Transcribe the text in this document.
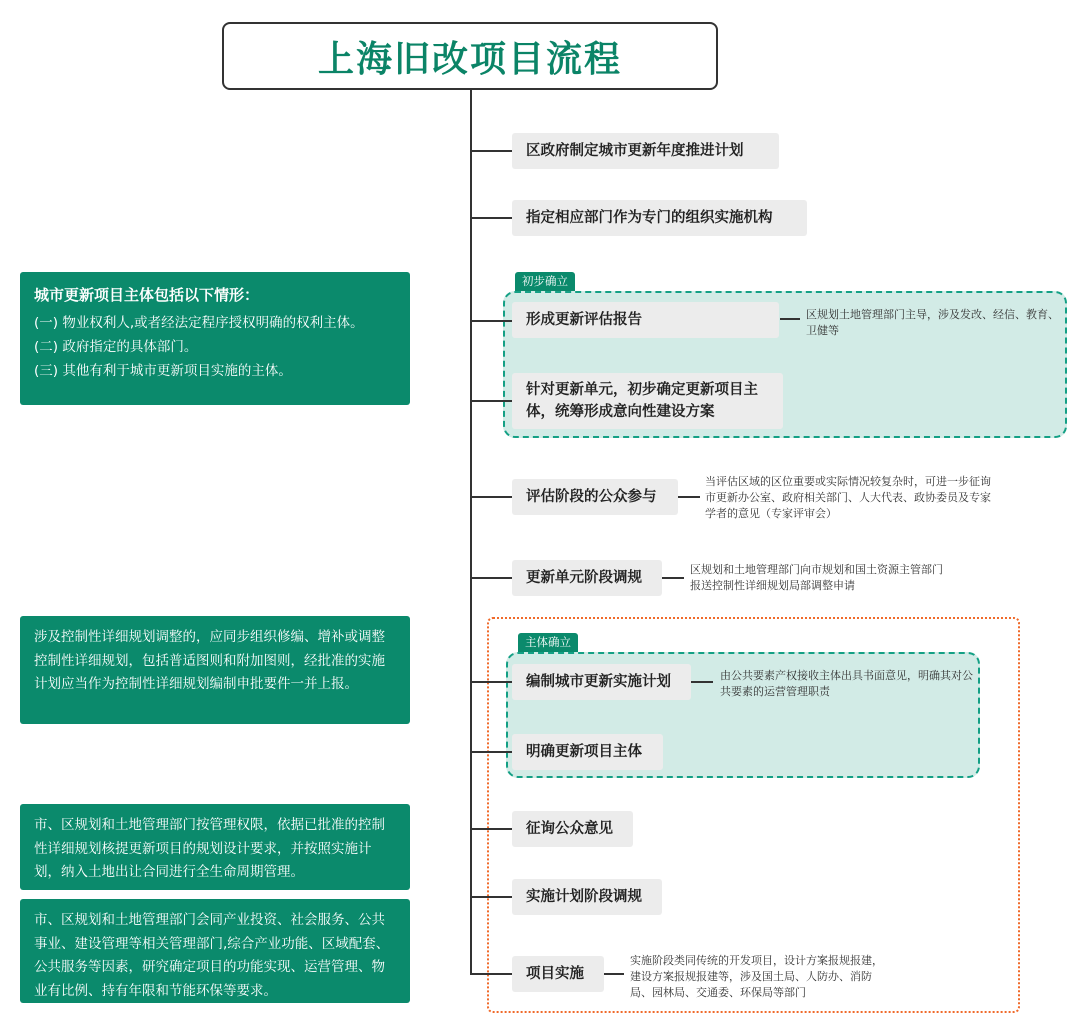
上海旧改项目流程
初步确立
主体确立
区政府制定城市更新年度推进计划
指定相应部门作为专门的组织实施机构
形成更新评估报告
针对更新单元，初步确定更新项目主体，统筹形成意向性建设方案
评估阶段的公众参与
更新单元阶段调规
编制城市更新实施计划
明确更新项目主体
征询公众意见
实施计划阶段调规
项目实施
区规划土地管理部门主导，涉及发改、经信、教育、卫健等
当评估区域的区位重要或实际情况较复杂时，可进一步征询市更新办公室、政府相关部门、人大代表、政协委员及专家学者的意见（专家评审会）
区规划和土地管理部门向市规划和国土资源主管部门报送控制性详细规划局部调整申请
由公共要素产权接收主体出具书面意见，明确其对公共要素的运营管理职责
实施阶段类同传统的开发项目，设计方案报规报建，建设方案报规报建等，涉及国土局、人防办、消防局、园林局、交通委、环保局等部门
城市更新项目主体包括以下情形：
(一) 物业权利人,或者经法定程序授权明确的权利主体。
(二) 政府指定的具体部门。
(三) 其他有利于城市更新项目实施的主体。
涉及控制性详细规划调整的，应同步组织修编、增补或调整控制性详细规划，包括普适图则和附加图则，经批准的实施计划应当作为控制性详细规划编制申批要件一并上报。
市、区规划和土地管理部门按管理权限，依据已批准的控制性详细规划核提更新项目的规划设计要求，并按照实施计划，纳入土地出让合同进行全生命周期管理。
市、区规划和土地管理部门会同产业投资、社会服务、公共事业、建设管理等相关管理部门,综合产业功能、区域配套、公共服务等因素，研究确定项目的功能实现、运营管理、物业有比例、持有年限和节能环保等要求。
